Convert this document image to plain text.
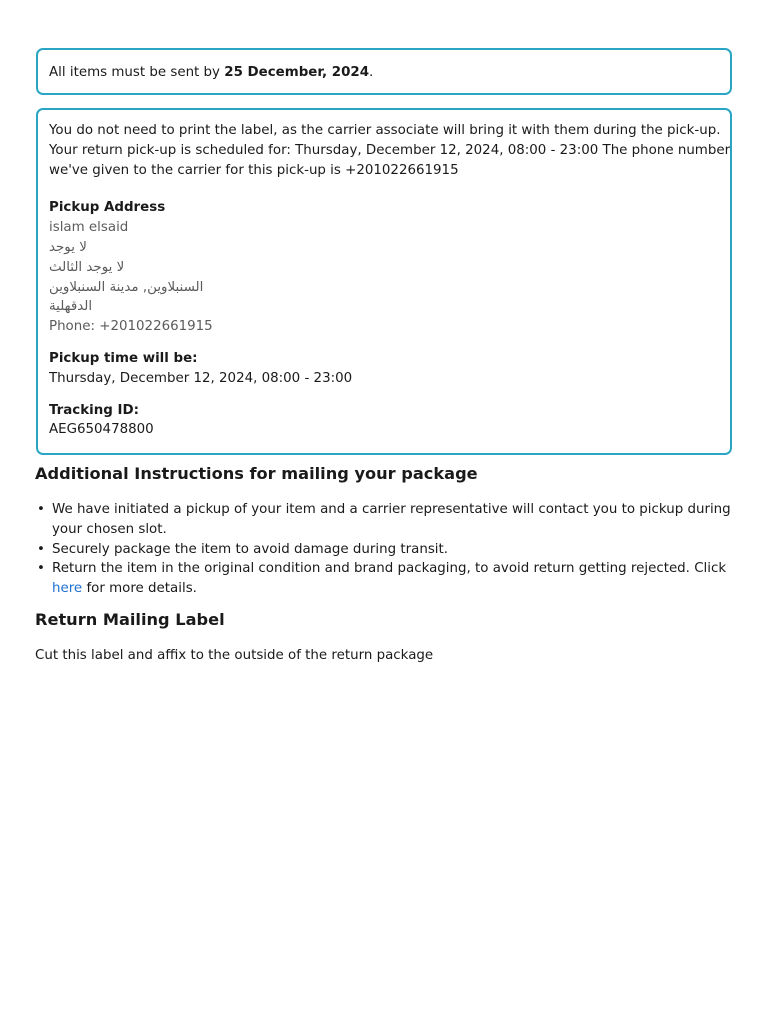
All items must be sent by 25 December, 2024.
You do not need to print the label, as the carrier associate will bring it with them during the pick-up.
Your return pick-up is scheduled for: Thursday, December 12, 2024, 08:00 - 23:00 The phone number
we've given to the carrier for this pick-up is +201022661915
Pickup Address
islam elsaid
لا يوجد
لا يوجد الثالث
السنبلاوين, مدينة السنبلاوين
الدقهلية
Phone: +201022661915
Pickup time will be:
Thursday, December 12, 2024, 08:00 - 23:00
Tracking ID:
AEG650478800
Additional Instructions for mailing your package
• We have initiated a pickup of your item and a carrier representative will contact you to pickup during
your chosen slot.
• Securely package the item to avoid damage during transit.
• Return the item in the original condition and brand packaging, to avoid return getting rejected. Click
here for more details.
Return Mailing Label
Cut this label and affix to the outside of the return package
